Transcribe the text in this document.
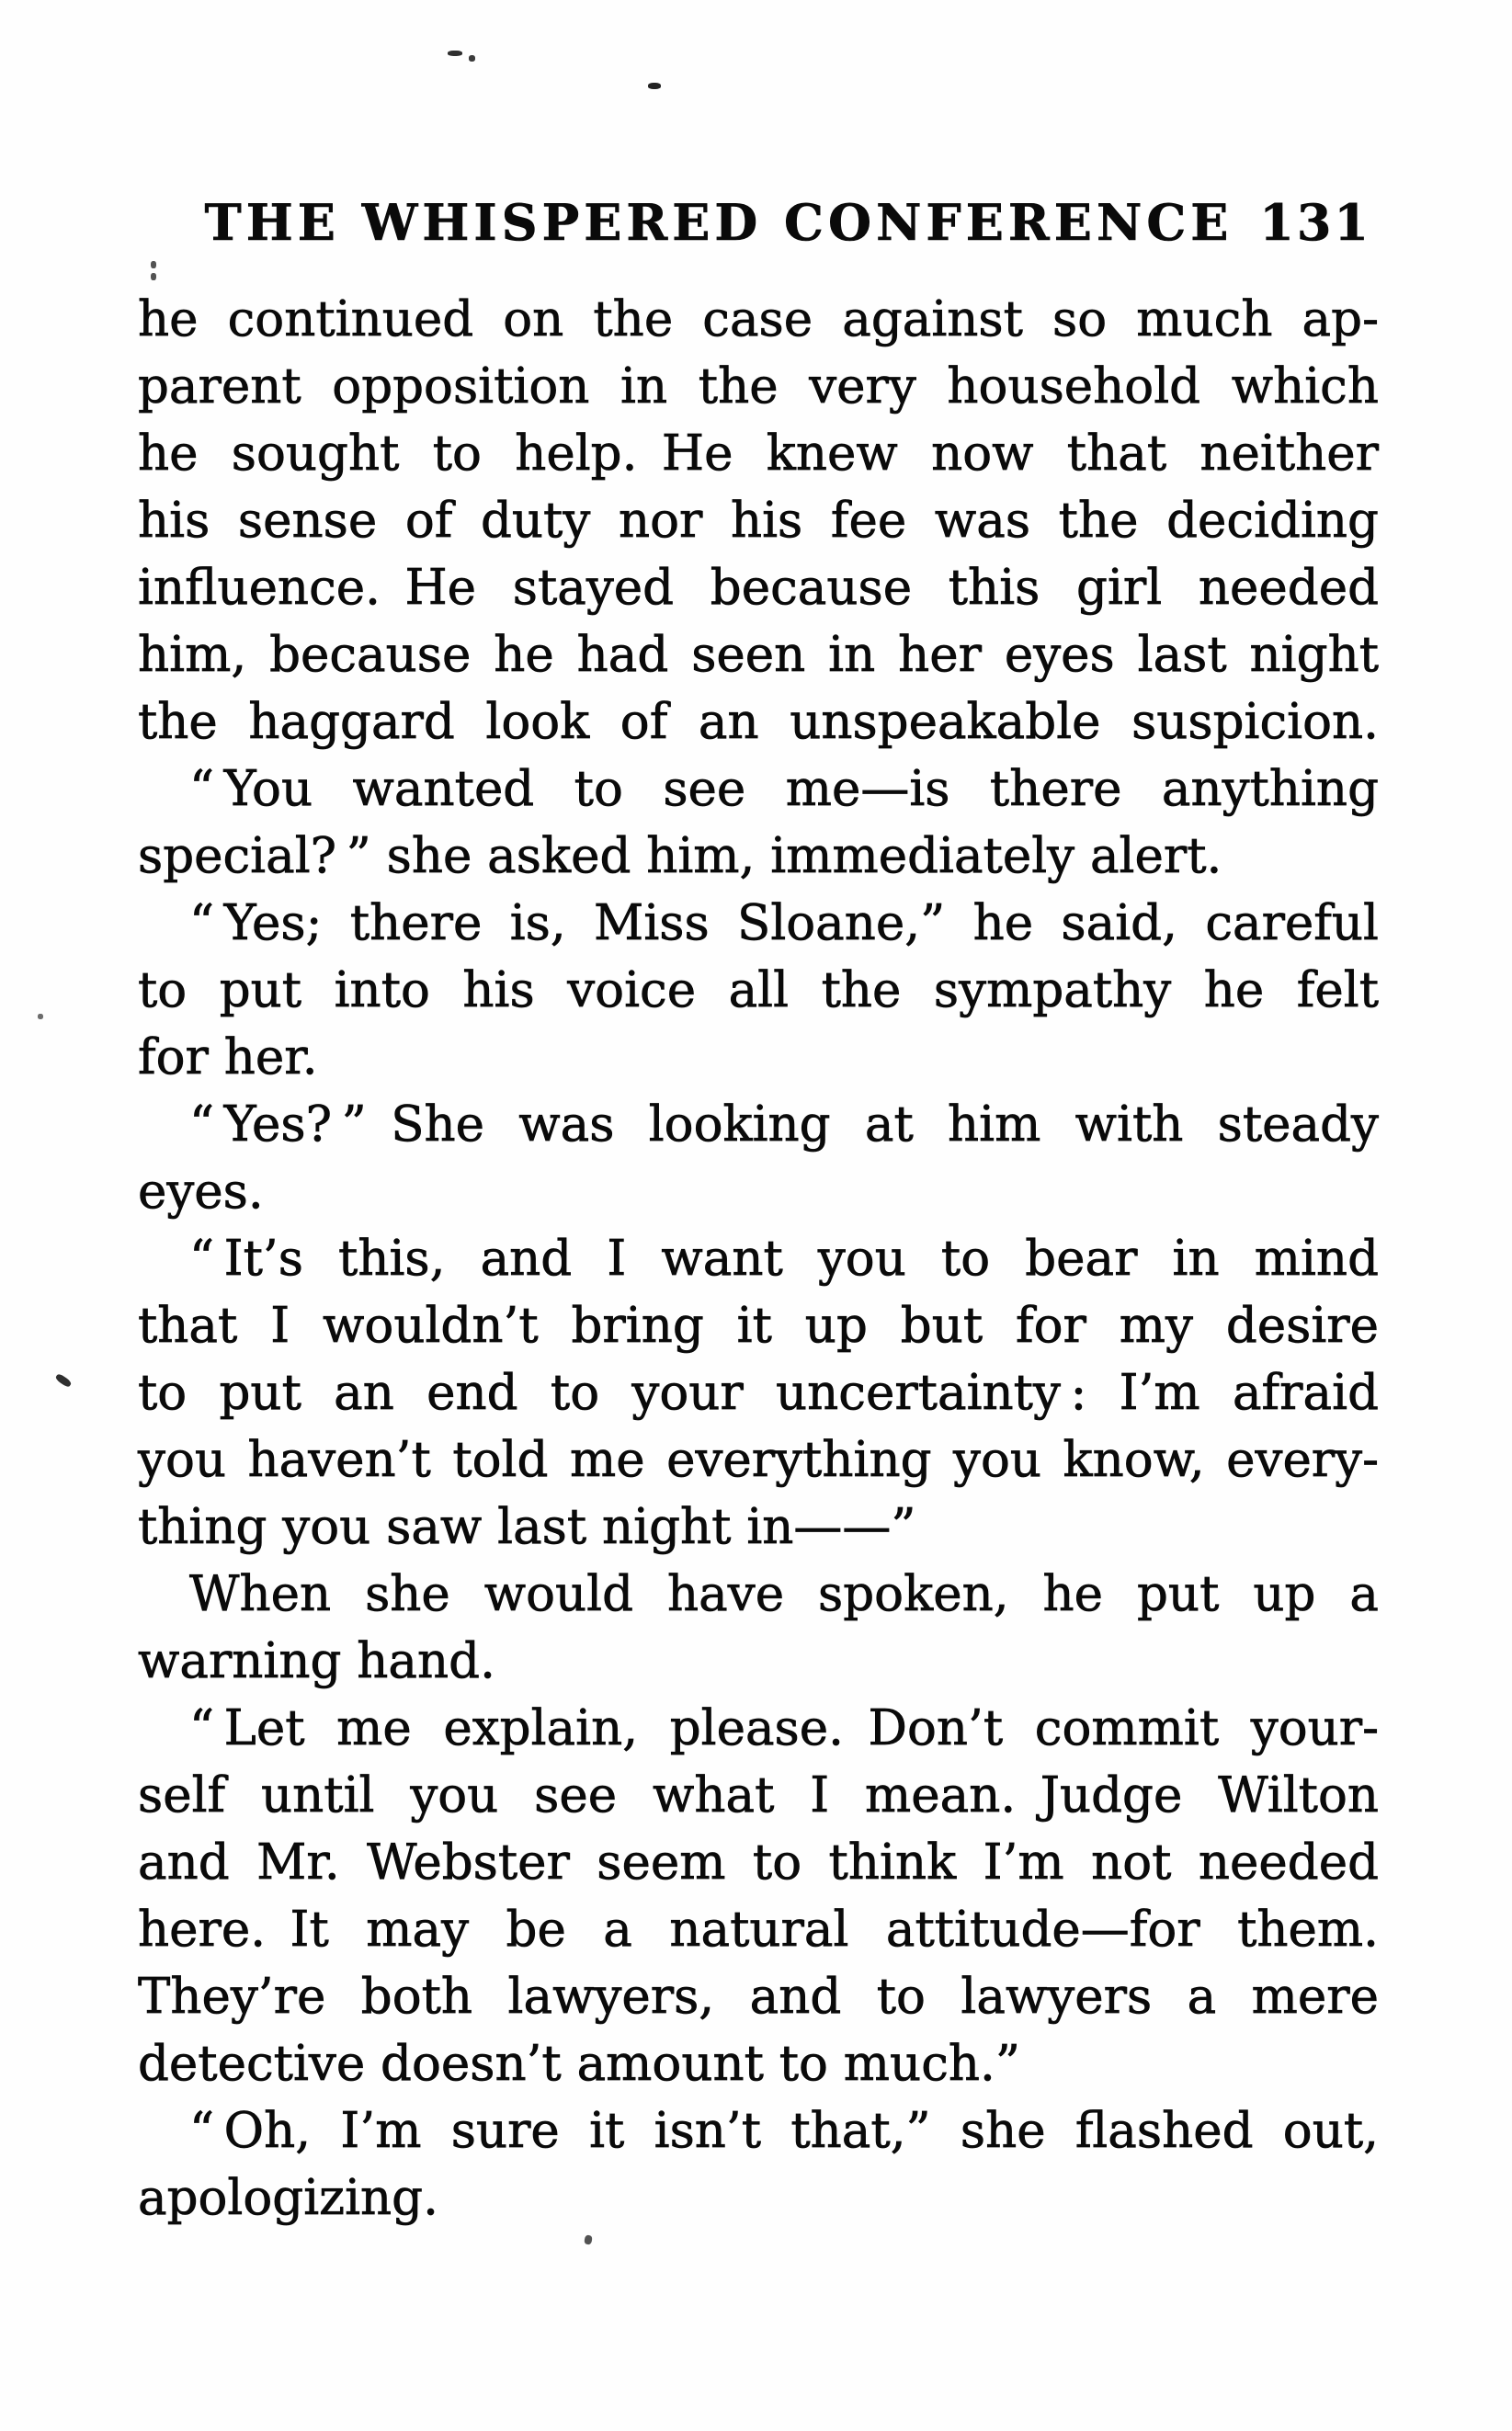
THE WHISPERED CONFERENCE 131
he continued on the case against so much ap-
parent opposition in the very household which
he sought to help. He knew now that neither
his sense of duty nor his fee was the deciding
influence. He stayed because this girl needed
him, because he had seen in her eyes last night
the haggard look of an unspeakable suspicion.
“ You wanted to see me—is there anything
special? ” she asked him, immediately alert.
“ Yes; there is, Miss Sloane,” he said, careful
to put into his voice all the sympathy he felt
for her.
“ Yes? ” She was looking at him with steady
eyes.
“ It’s this, and I want you to bear in mind
that I wouldn’t bring it up but for my desire
to put an end to your uncertainty : I’m afraid
you haven’t told me everything you know, every-
thing you saw last night in——”
When she would have spoken, he put up a
warning hand.
“ Let me explain, please. Don’t commit your-
self until you see what I mean. Judge Wilton
and Mr. Webster seem to think I’m not needed
here. It may be a natural attitude—for them.
They’re both lawyers, and to lawyers a mere
detective doesn’t amount to much.”
“ Oh, I’m sure it isn’t that,” she flashed out,
apologizing.
